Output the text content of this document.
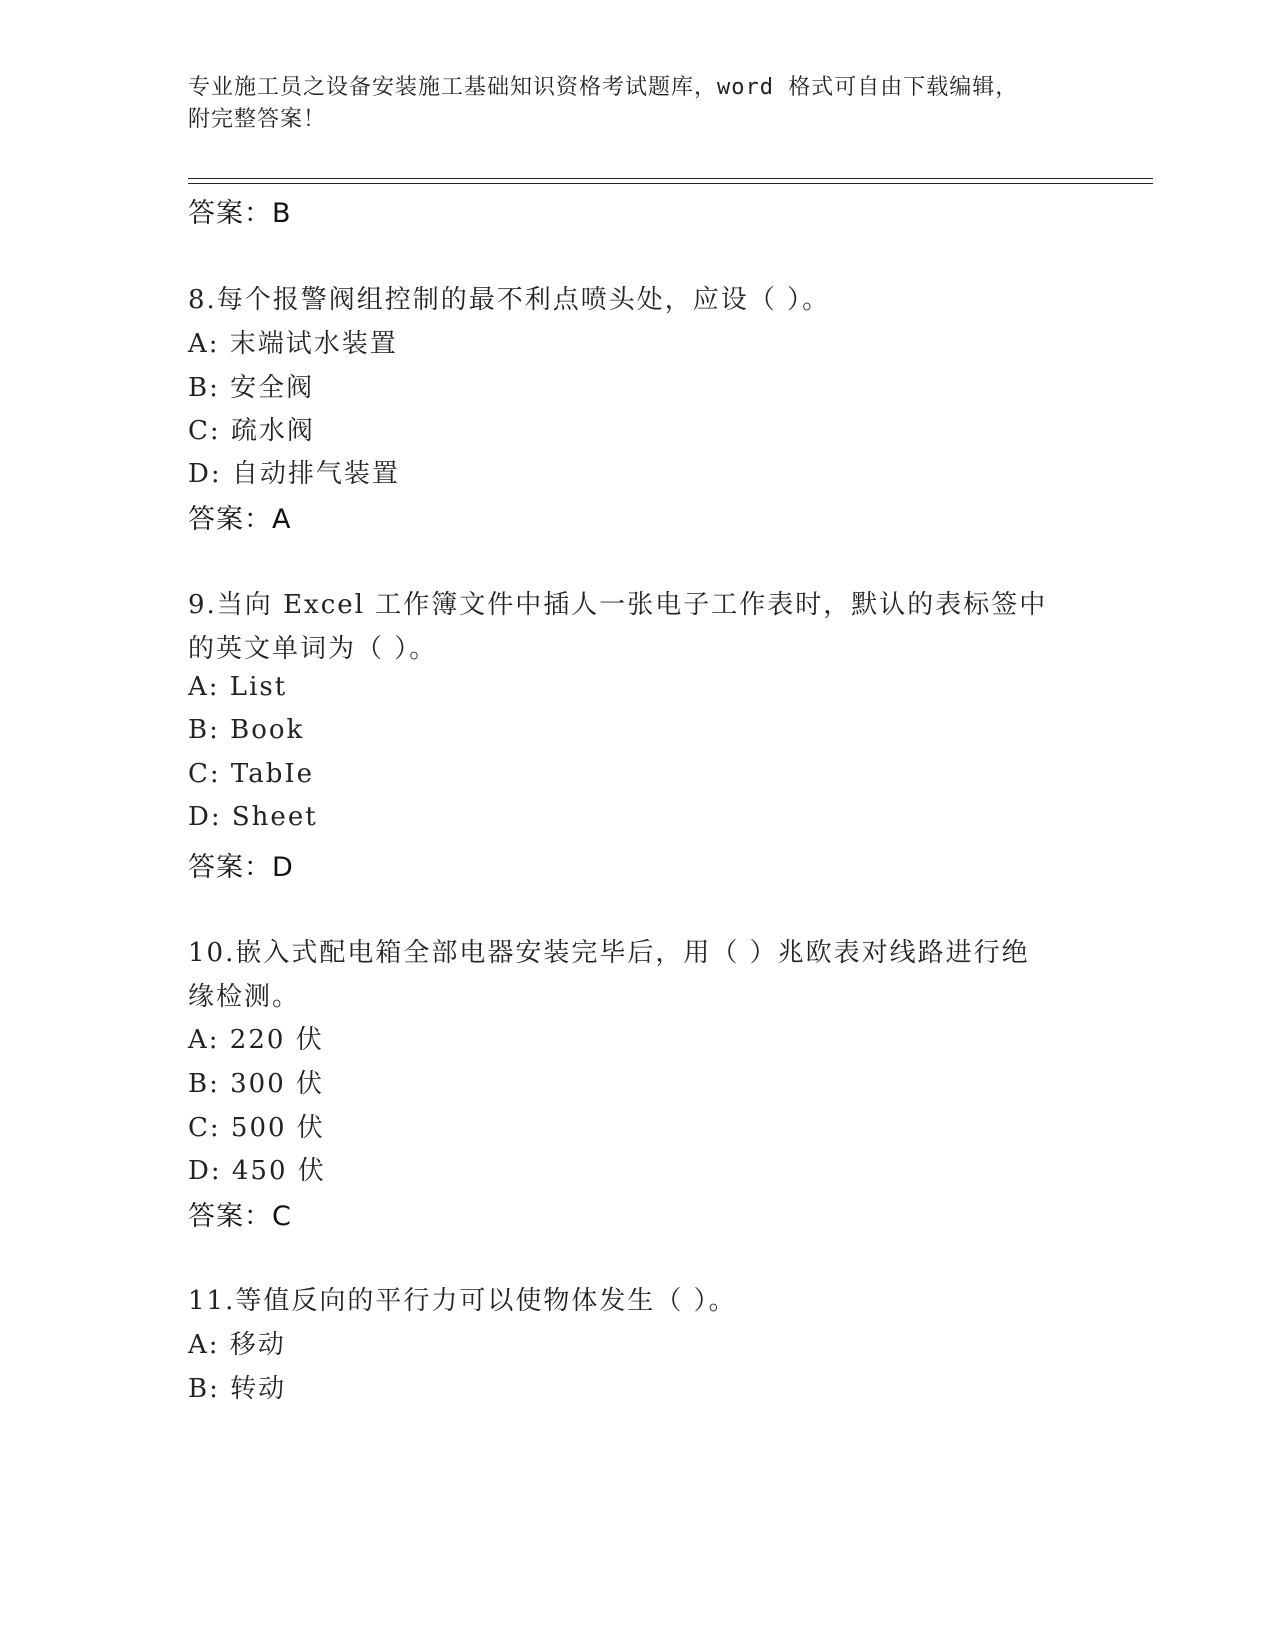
专业施工员之设备安装施工基础知识资格考试题库，word 格式可自由下载编辑，
附完整答案！
答案：B
8.每个报警阀组控制的最不利点喷头处，应设（ ）。
A: 末端试水装置
B: 安全阀
C: 疏水阀
D: 自动排气装置
答案：A
9.当向 Excel 工作簿文件中插人一张电子工作表时，默认的表标签中
的英文单词为（ ）。
A: List
B: Book
C: TabIe
D: Sheet
答案：D
10.嵌入式配电箱全部电器安装完毕后，用（ ）兆欧表对线路进行绝
缘检测。
A: 220 伏
B: 300 伏
C: 500 伏
D: 450 伏
答案：C
11.等值反向的平行力可以使物体发生（ ）。
A: 移动
B: 转动
